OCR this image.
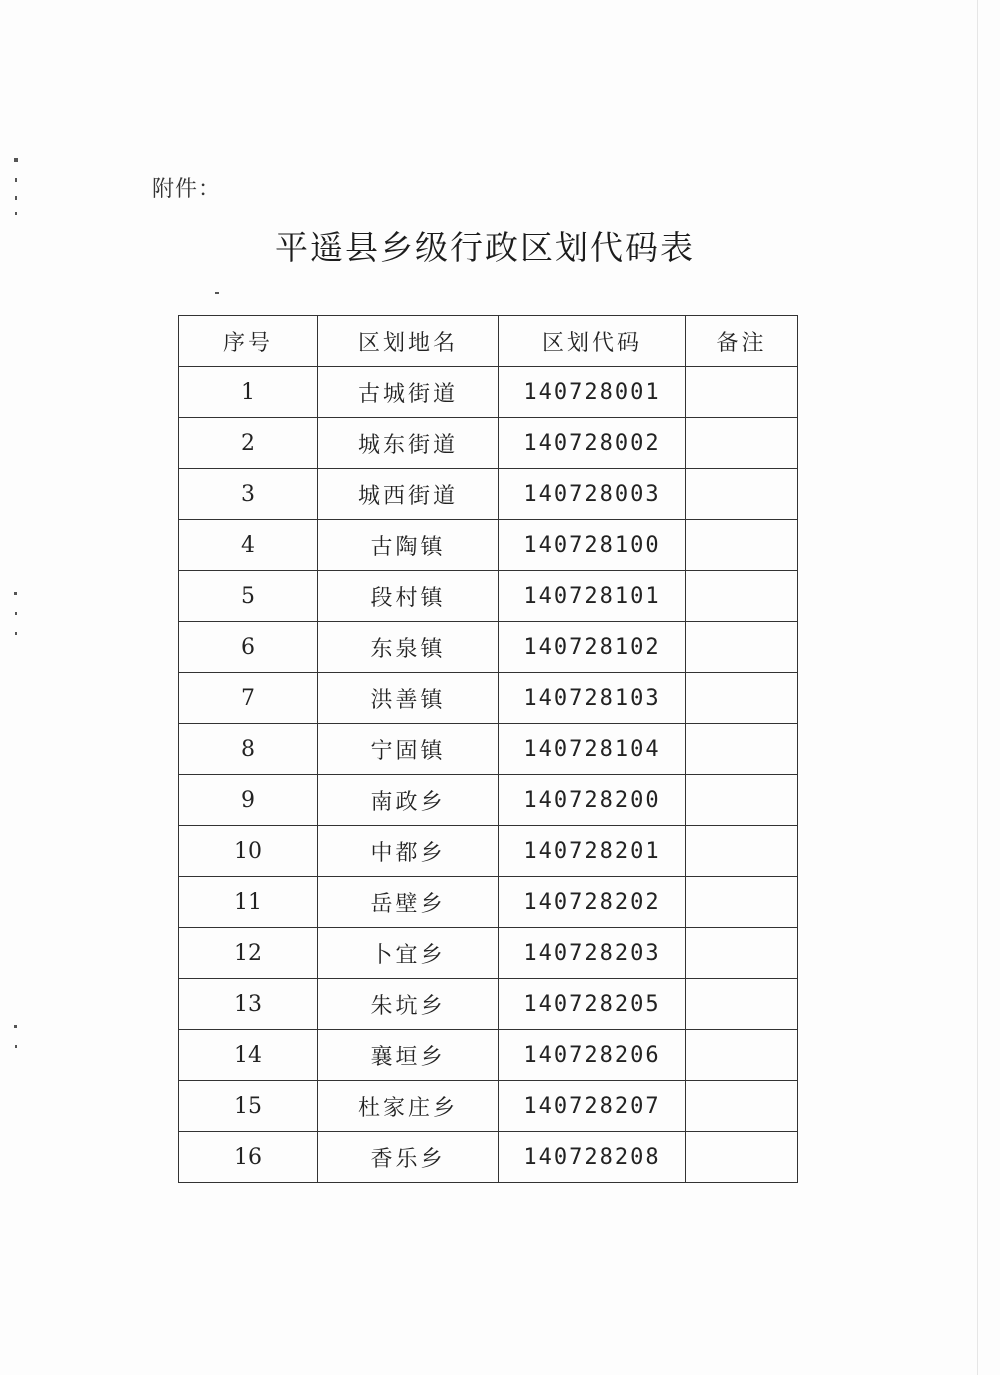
附件：
平遥县乡级行政区划代码表
序号	区划地名	区划代码	备注
1	古城街道	140728001	
2	城东街道	140728002	
3	城西街道	140728003	
4	古陶镇	140728100	
5	段村镇	140728101	
6	东泉镇	140728102	
7	洪善镇	140728103	
8	宁固镇	140728104	
9	南政乡	140728200	
10	中都乡	140728201	
11	岳壁乡	140728202	
12	卜宜乡	140728203	
13	朱坑乡	140728205	
14	襄垣乡	140728206	
15	杜家庄乡	140728207	
16	香乐乡	140728208	
